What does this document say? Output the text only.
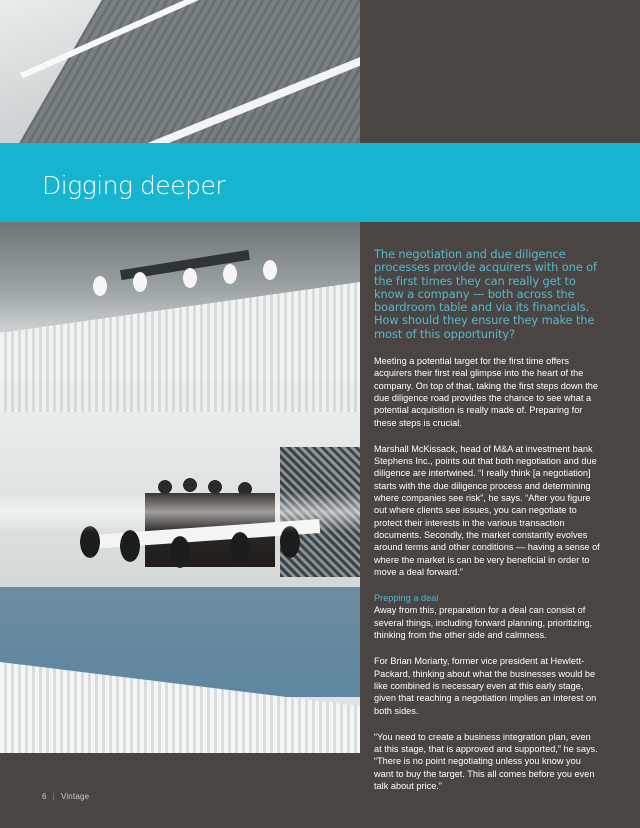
Digging deeper

The negotiation and due diligence processes provide acquirers with one of the first times they can really get to know a company — both across the boardroom table and via its financials. How should they ensure they make the most of this opportunity?

Meeting a potential target for the first time offers acquirers their first real glimpse into the heart of the company. On top of that, taking the first steps down the due diligence road provides the chance to see what a potential acquisition is really made of. Preparing for these steps is crucial.

Marshall McKissack, head of M&A at investment bank Stephens Inc., points out that both negotiation and due diligence are intertwined. “I really think [a negotiation] starts with the due diligence process and determining where companies see risk”, he says. “After you figure out where clients see issues, you can negotiate to protect their interests in the various transaction documents. Secondly, the market constantly evolves around terms and other conditions — having a sense of where the market is can be very beneficial in order to move a deal forward.”

Prepping a deal

Away from this, preparation for a deal can consist of several things, including forward planning, prioritizing, thinking from the other side and calmness.

For Brian Moriarty, former vice president at Hewlett-Packard, thinking about what the businesses would be like combined is necessary even at this early stage, given that reaching a negotiation implies an interest on both sides.

“You need to create a business integration plan, even at this stage, that is approved and supported,” he says. “There is no point negotiating unless you know you want to buy the target. This all comes before you even talk about price.”

6 | Vintage
